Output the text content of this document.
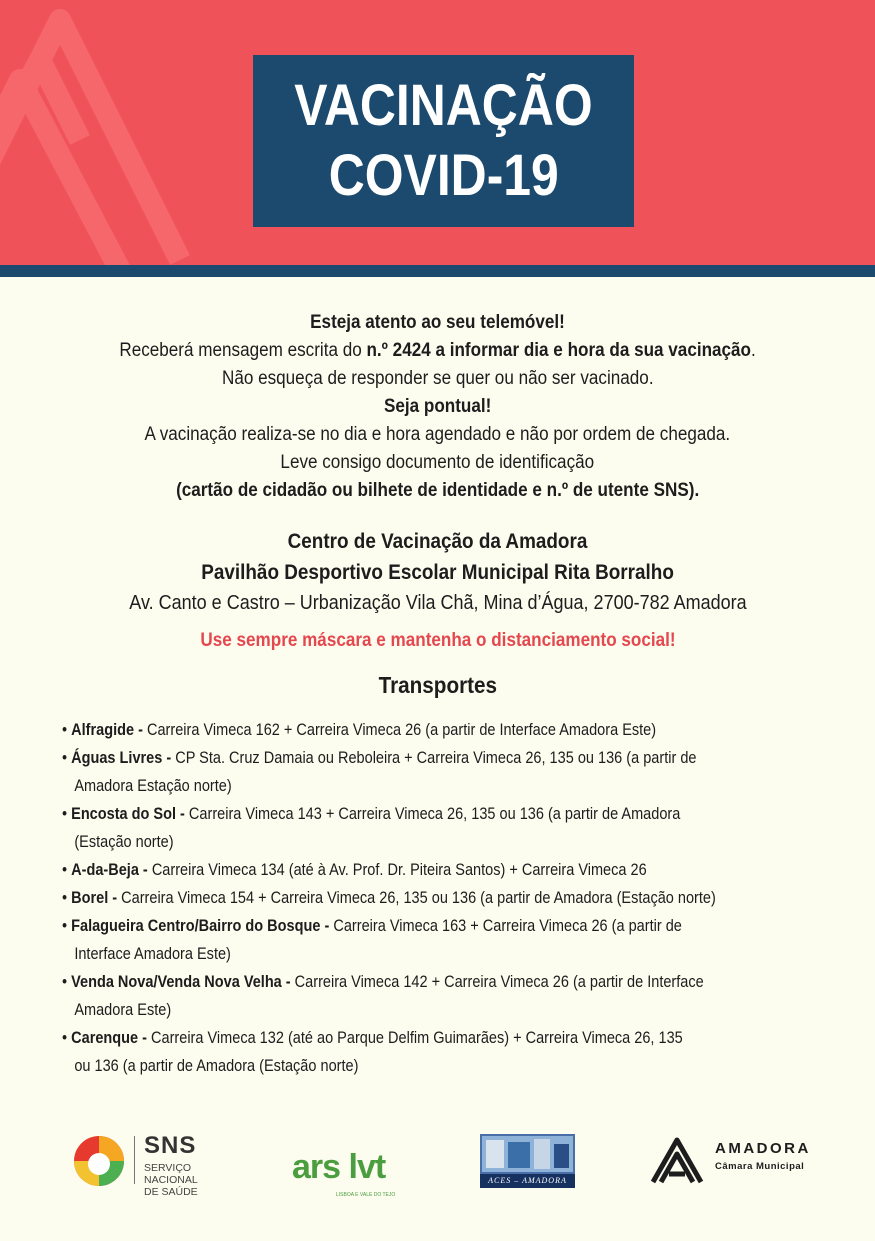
VACINAÇÃO
COVID-19

Esteja atento ao seu telemóvel!

Receberá mensagem escrita do n.º 2424 a informar dia e hora da sua vacinação.

Não esqueça de responder se quer ou não ser vacinado.

Seja pontual!

A vacinação realiza-se no dia e hora agendado e não por ordem de chegada.

Leve consigo documento de identificação

(cartão de cidadão ou bilhete de identidade e n.º de utente SNS).

Centro de Vacinação da Amadora

Pavilhão Desportivo Escolar Municipal Rita Borralho

Av. Canto e Castro – Urbanização Vila Chã, Mina d’Água, 2700-782 Amadora

Use sempre máscara e mantenha o distanciamento social!
Transportes
• Alfragide - Carreira Vimeca 162 + Carreira Vimeca 26 (a partir de Interface Amadora Este)
• Águas Livres - CP Sta. Cruz Damaia ou Reboleira + Carreira Vimeca 26, 135 ou 136 (a partir de
Amadora Estação norte)
• Encosta do Sol - Carreira Vimeca 143 + Carreira Vimeca 26, 135 ou 136 (a partir de Amadora
(Estação norte)
• A-da-Beja - Carreira Vimeca 134 (até à Av. Prof. Dr. Piteira Santos) + Carreira Vimeca 26
• Borel - Carreira Vimeca 154 + Carreira Vimeca 26, 135 ou 136 (a partir de Amadora (Estação norte)
• Falagueira Centro/Bairro do Bosque - Carreira Vimeca 163 + Carreira Vimeca 26 (a partir de
Interface Amadora Este)
• Venda Nova/Venda Nova Velha - Carreira Vimeca 142 + Carreira Vimeca 26 (a partir de Interface
Amadora Este)
• Carenque - Carreira Vimeca 132 (até ao Parque Delfim Guimarães) + Carreira Vimeca 26, 135
ou 136 (a partir de Amadora (Estação norte)
SNS
SERVIÇO NACIONAL
DE SAÚDE
ars lvt
LISBOA E VALE DO TEJO
ACES – AMADORA
AMADORA
Câmara Municipal
